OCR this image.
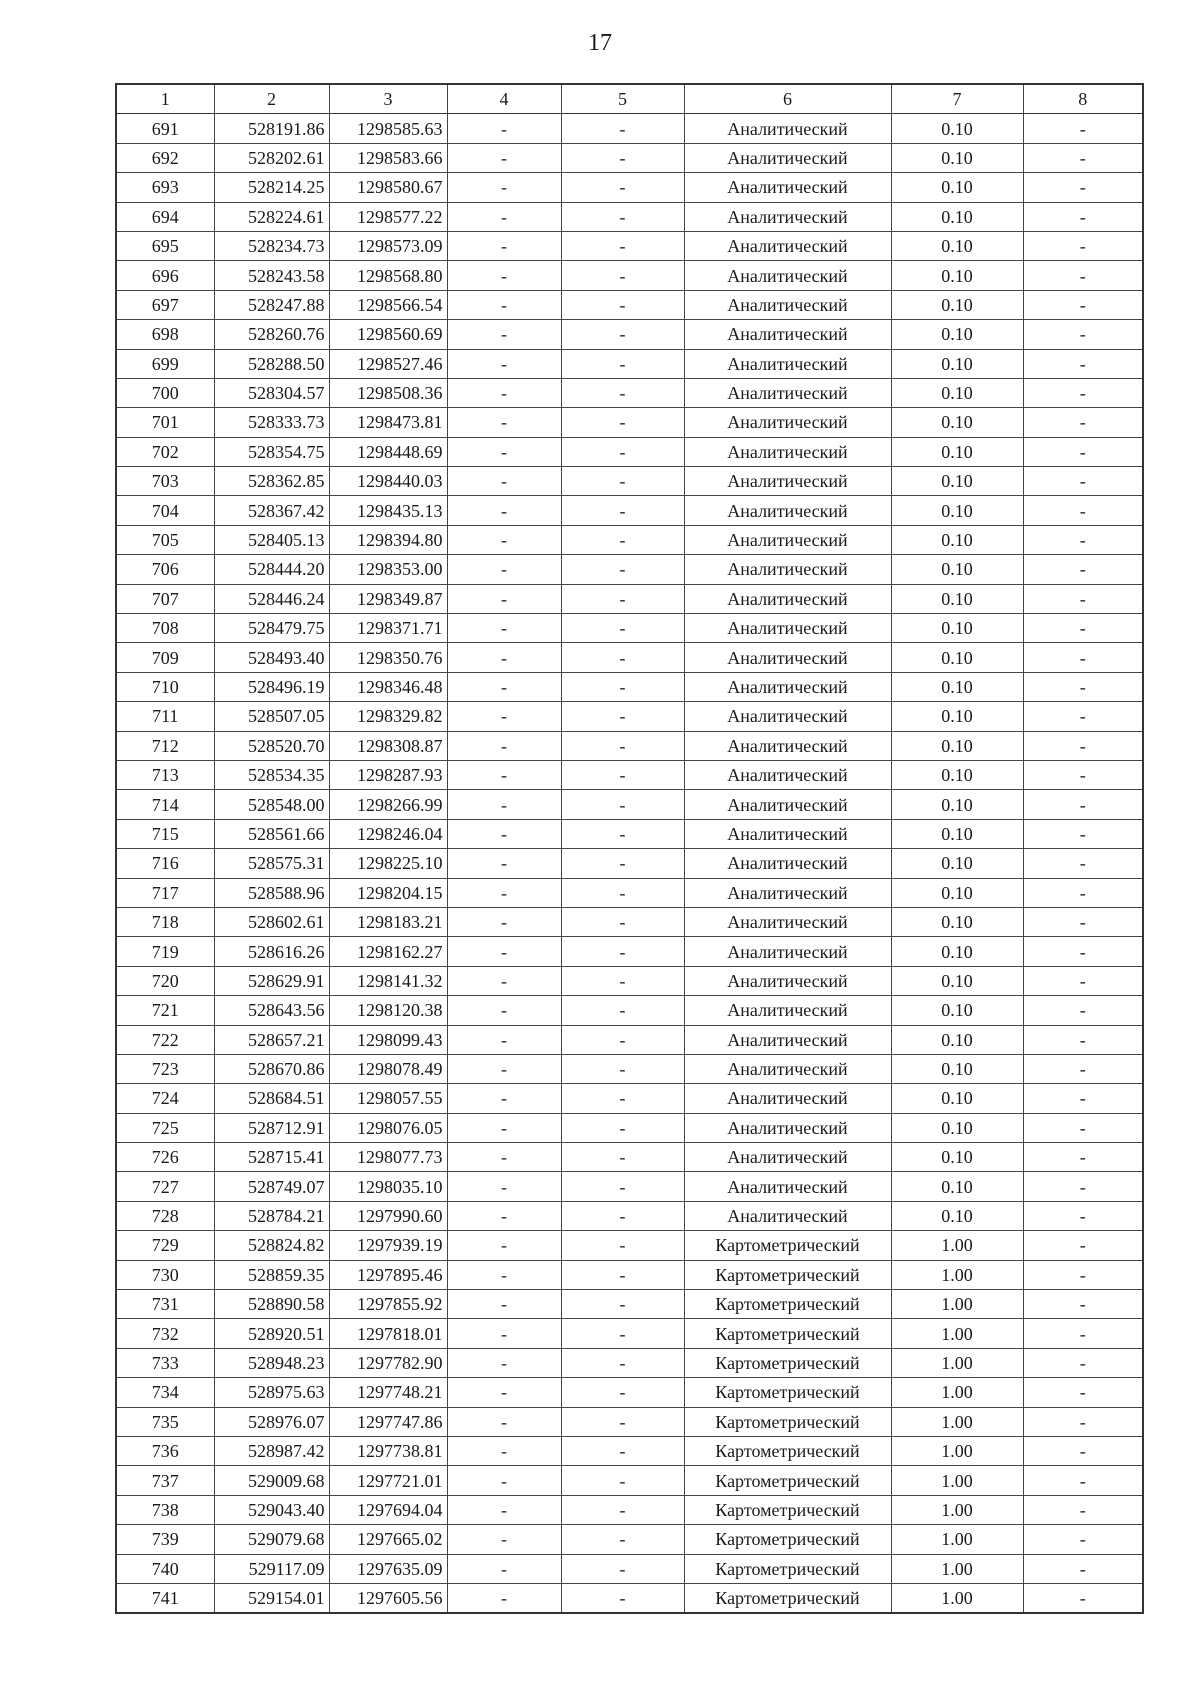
17
1	2	3	4	5	6	7	8
691	528191.86	1298585.63	-	-	Аналитический	0.10	-
692	528202.61	1298583.66	-	-	Аналитический	0.10	-
693	528214.25	1298580.67	-	-	Аналитический	0.10	-
694	528224.61	1298577.22	-	-	Аналитический	0.10	-
695	528234.73	1298573.09	-	-	Аналитический	0.10	-
696	528243.58	1298568.80	-	-	Аналитический	0.10	-
697	528247.88	1298566.54	-	-	Аналитический	0.10	-
698	528260.76	1298560.69	-	-	Аналитический	0.10	-
699	528288.50	1298527.46	-	-	Аналитический	0.10	-
700	528304.57	1298508.36	-	-	Аналитический	0.10	-
701	528333.73	1298473.81	-	-	Аналитический	0.10	-
702	528354.75	1298448.69	-	-	Аналитический	0.10	-
703	528362.85	1298440.03	-	-	Аналитический	0.10	-
704	528367.42	1298435.13	-	-	Аналитический	0.10	-
705	528405.13	1298394.80	-	-	Аналитический	0.10	-
706	528444.20	1298353.00	-	-	Аналитический	0.10	-
707	528446.24	1298349.87	-	-	Аналитический	0.10	-
708	528479.75	1298371.71	-	-	Аналитический	0.10	-
709	528493.40	1298350.76	-	-	Аналитический	0.10	-
710	528496.19	1298346.48	-	-	Аналитический	0.10	-
711	528507.05	1298329.82	-	-	Аналитический	0.10	-
712	528520.70	1298308.87	-	-	Аналитический	0.10	-
713	528534.35	1298287.93	-	-	Аналитический	0.10	-
714	528548.00	1298266.99	-	-	Аналитический	0.10	-
715	528561.66	1298246.04	-	-	Аналитический	0.10	-
716	528575.31	1298225.10	-	-	Аналитический	0.10	-
717	528588.96	1298204.15	-	-	Аналитический	0.10	-
718	528602.61	1298183.21	-	-	Аналитический	0.10	-
719	528616.26	1298162.27	-	-	Аналитический	0.10	-
720	528629.91	1298141.32	-	-	Аналитический	0.10	-
721	528643.56	1298120.38	-	-	Аналитический	0.10	-
722	528657.21	1298099.43	-	-	Аналитический	0.10	-
723	528670.86	1298078.49	-	-	Аналитический	0.10	-
724	528684.51	1298057.55	-	-	Аналитический	0.10	-
725	528712.91	1298076.05	-	-	Аналитический	0.10	-
726	528715.41	1298077.73	-	-	Аналитический	0.10	-
727	528749.07	1298035.10	-	-	Аналитический	0.10	-
728	528784.21	1297990.60	-	-	Аналитический	0.10	-
729	528824.82	1297939.19	-	-	Картометрический	1.00	-
730	528859.35	1297895.46	-	-	Картометрический	1.00	-
731	528890.58	1297855.92	-	-	Картометрический	1.00	-
732	528920.51	1297818.01	-	-	Картометрический	1.00	-
733	528948.23	1297782.90	-	-	Картометрический	1.00	-
734	528975.63	1297748.21	-	-	Картометрический	1.00	-
735	528976.07	1297747.86	-	-	Картометрический	1.00	-
736	528987.42	1297738.81	-	-	Картометрический	1.00	-
737	529009.68	1297721.01	-	-	Картометрический	1.00	-
738	529043.40	1297694.04	-	-	Картометрический	1.00	-
739	529079.68	1297665.02	-	-	Картометрический	1.00	-
740	529117.09	1297635.09	-	-	Картометрический	1.00	-
741	529154.01	1297605.56	-	-	Картометрический	1.00	-
